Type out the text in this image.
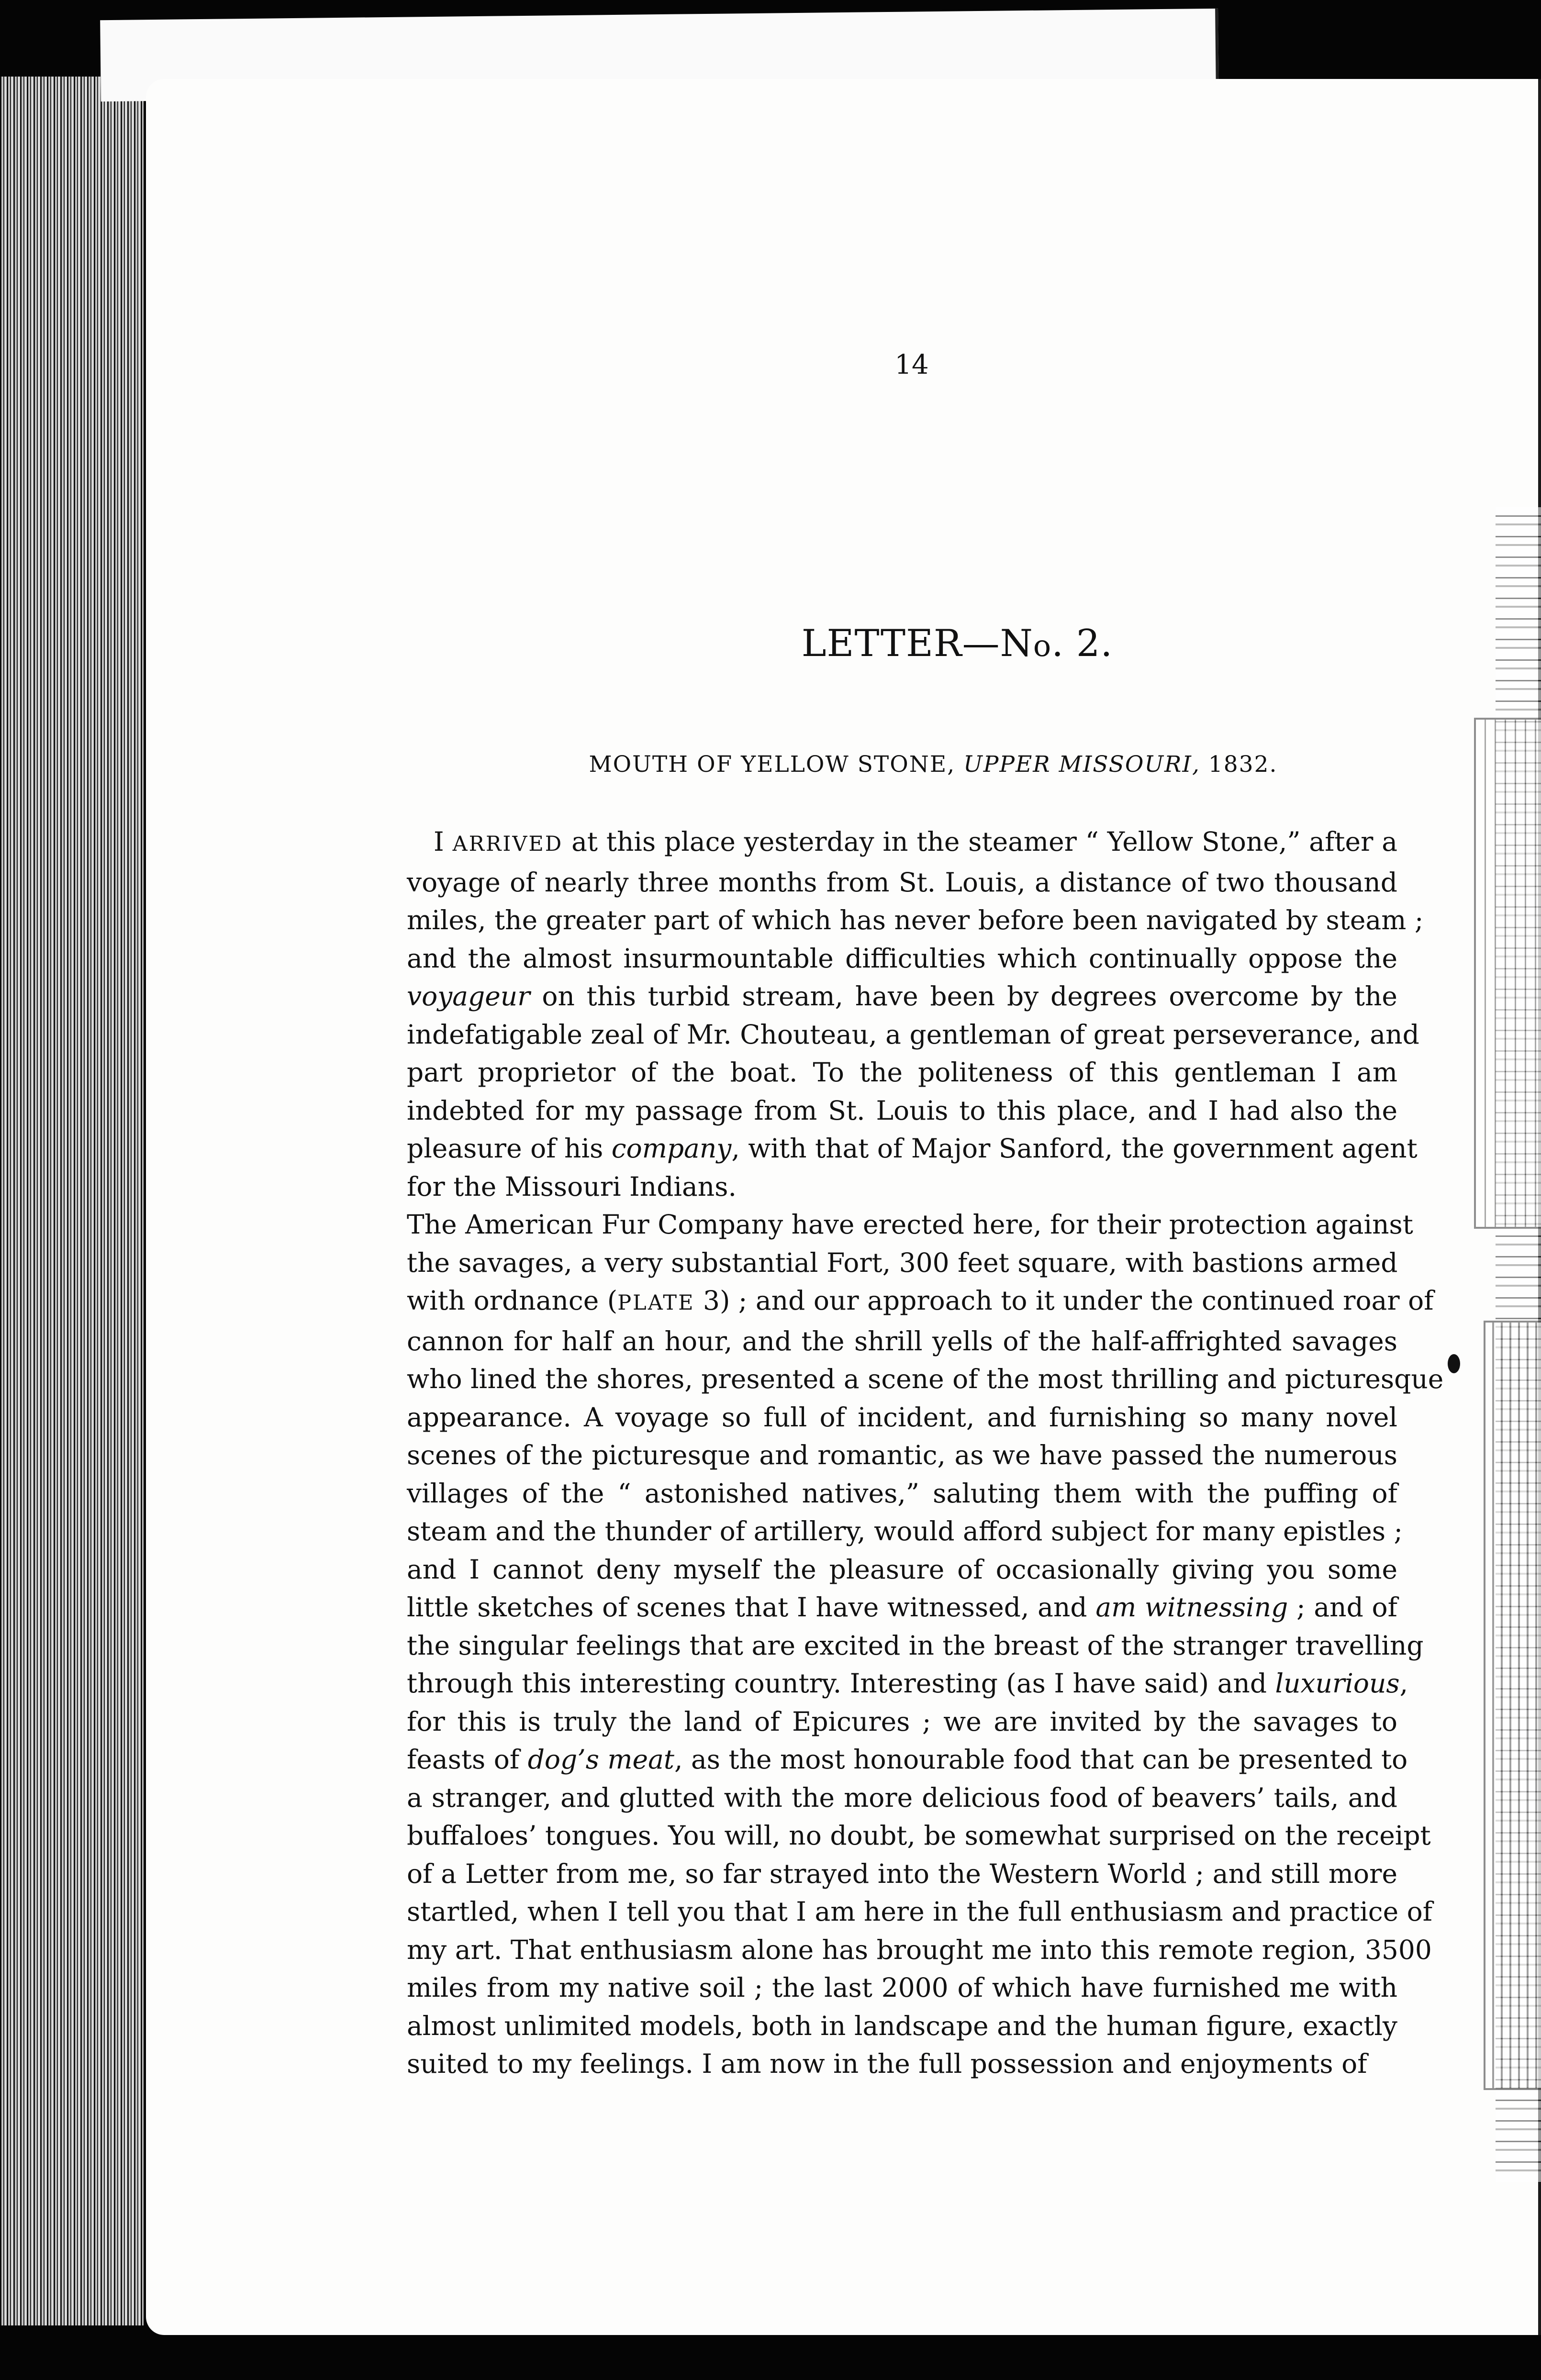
14
LETTER—No. 2.
MOUTH OF YELLOW STONE, UPPER MISSOURI, 1832.
I ARRIVED at this place yesterday in the steamer “ Yellow Stone,” after a
voyage of nearly three months from St. Louis, a distance of two thousand
miles, the greater part of which has never before been navigated by steam ;
and the almost insurmountable difficulties which continually oppose the
voyageur on this turbid stream, have been by degrees overcome by the
indefatigable zeal of Mr. Chouteau, a gentleman of great perseverance, and
part proprietor of the boat. To the politeness of this gentleman I am
indebted for my passage from St. Louis to this place, and I had also the
pleasure of his company, with that of Major Sanford, the government agent
for the Missouri Indians.
The American Fur Company have erected here, for their protection against
the savages, a very substantial Fort, 300 feet square, with bastions armed
with ordnance (PLATE 3) ; and our approach to it under the continued roar of
cannon for half an hour, and the shrill yells of the half-affrighted savages
who lined the shores, presented a scene of the most thrilling and picturesque
appearance. A voyage so full of incident, and furnishing so many novel
scenes of the picturesque and romantic, as we have passed the numerous
villages of the “ astonished natives,” saluting them with the puffing of
steam and the thunder of artillery, would afford subject for many epistles ;
and I cannot deny myself the pleasure of occasionally giving you some
little sketches of scenes that I have witnessed, and am witnessing ; and of
the singular feelings that are excited in the breast of the stranger travelling
through this interesting country. Interesting (as I have said) and luxurious,
for this is truly the land of Epicures ; we are invited by the savages to
feasts of dog’s meat, as the most honourable food that can be presented to
a stranger, and glutted with the more delicious food of beavers’ tails, and
buffaloes’ tongues. You will, no doubt, be somewhat surprised on the receipt
of a Letter from me, so far strayed into the Western World ; and still more
startled, when I tell you that I am here in the full enthusiasm and practice of
my art. That enthusiasm alone has brought me into this remote region, 3500
miles from my native soil ; the last 2000 of which have furnished me with
almost unlimited models, both in landscape and the human figure, exactly
suited to my feelings. I am now in the full possession and enjoyments of
